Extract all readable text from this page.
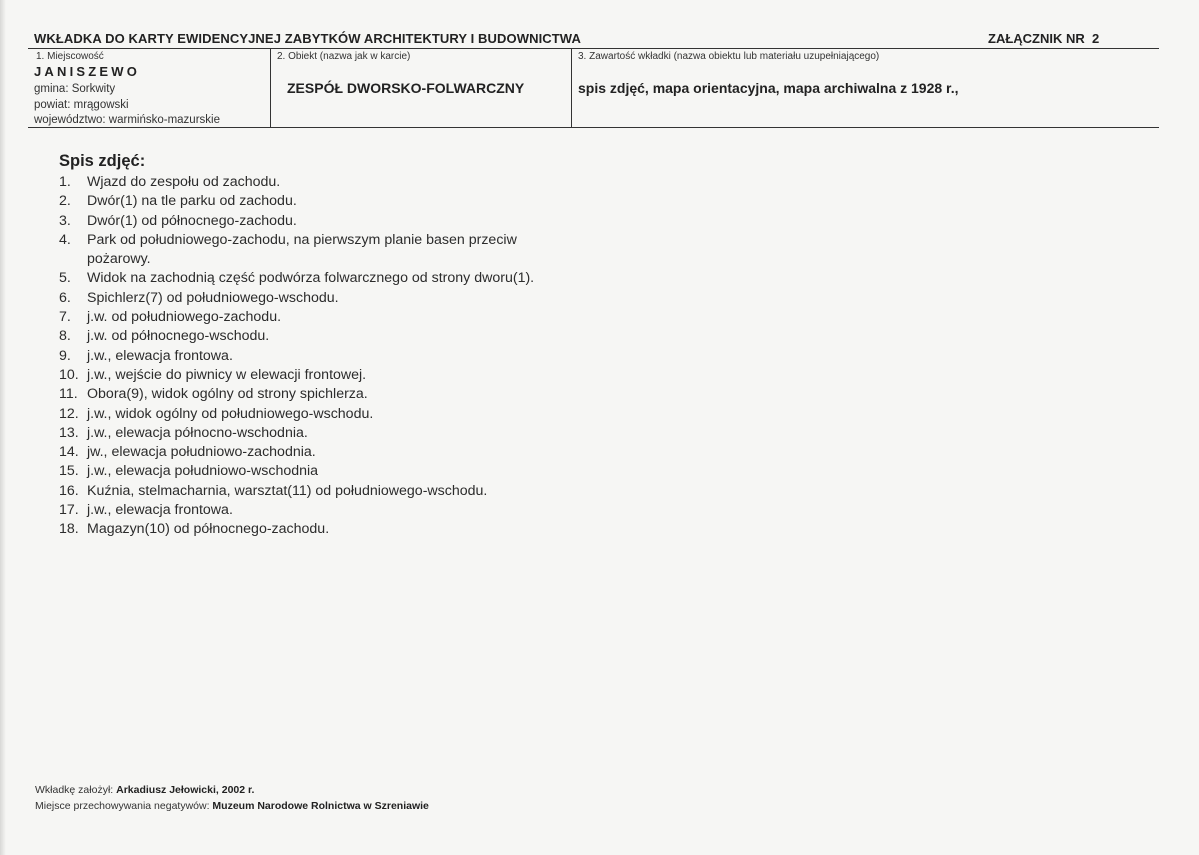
WKŁADKA DO KARTY EWIDENCYJNEJ ZABYTKÓW ARCHITEKTURY I BUDOWNICTWA	ZAŁĄCZNIK NR  2
1. Miejscowość
JANISZEWO
gmina: Sorkwity
powiat: mrągowski
województwo: warmińsko-mazurskie
2. Obiekt (nazwa jak w karcie)
ZESPÓŁ DWORSKO-FOLWARCZNY
3. Zawartość wkładki (nazwa obiektu lub materiału uzupełniającego)
spis zdjęć, mapa orientacyjna, mapa archiwalna z 1928 r.,
Spis zdjęć:
1. Wjazd do zespołu od zachodu.
2. Dwór(1) na tle parku od zachodu.
3. Dwór(1) od północnego-zachodu.
4. Park od południowego-zachodu, na pierwszym planie basen przeciw pożarowy.
5. Widok na zachodnią część podwórza folwarcznego od strony dworu(1).
6. Spichlerz(7) od południowego-wschodu.
7. j.w. od południowego-zachodu.
8. j.w. od północnego-wschodu.
9. j.w., elewacja frontowa.
10. j.w., wejście do piwnicy w elewacji frontowej.
11. Obora(9), widok ogólny od strony spichlerza.
12. j.w., widok ogólny od południowego-wschodu.
13. j.w., elewacja północno-wschodnia.
14. jw., elewacja południowo-zachodnia.
15. j.w., elewacja południowo-wschodnia
16. Kuźnia, stelmacharnia, warsztat(11) od południowego-wschodu.
17. j.w., elewacja frontowa.
18. Magazyn(10) od północnego-zachodu.
Wkładkę założył: Arkadiusz Jełowicki, 2002 r.
Miejsce przechowywania negatywów: Muzeum Narodowe Rolnictwa w Szreniawie
